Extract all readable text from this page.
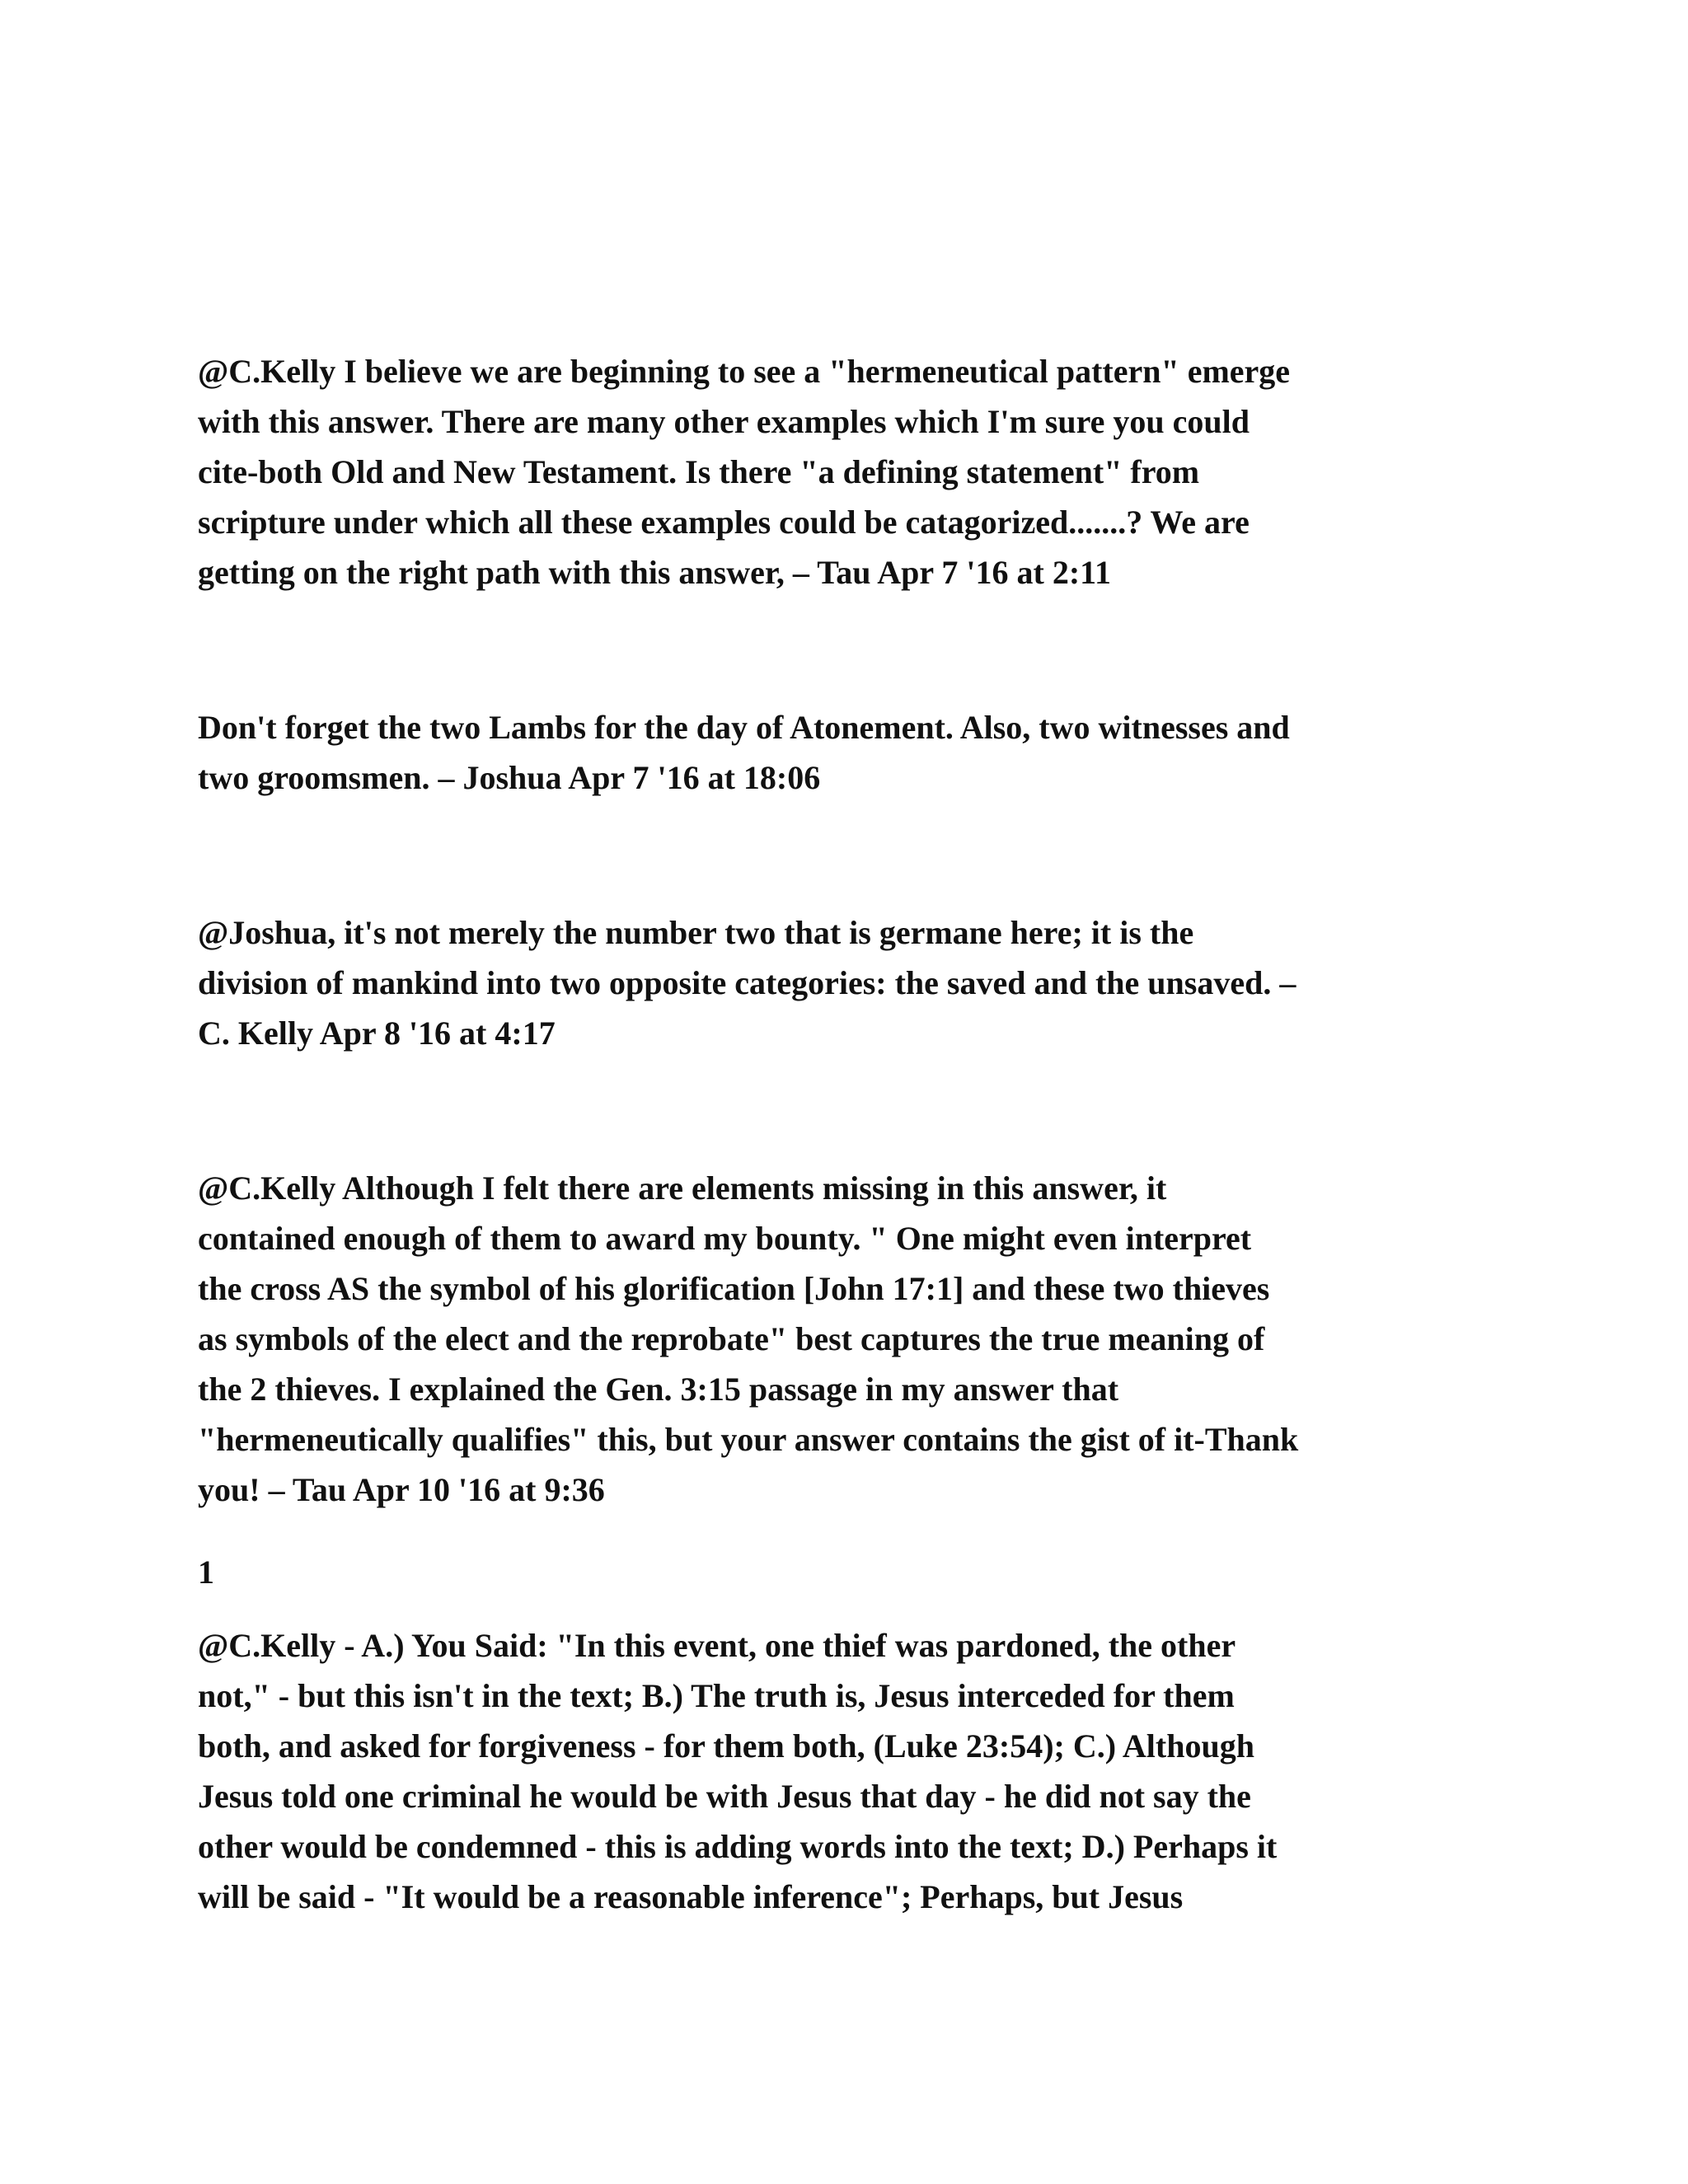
@C.Kelly I believe we are beginning to see a "hermeneutical pattern" emerge
with this answer. There are many other examples which I'm sure you could
cite-both Old and New Testament. Is there "a defining statement" from
scripture under which all these examples could be catagorized.......? We are
getting on the right path with this answer, – Tau Apr 7 '16 at 2:11

Don't forget the two Lambs for the day of Atonement. Also, two witnesses and
two groomsmen. – Joshua Apr 7 '16 at 18:06

@Joshua, it's not merely the number two that is germane here; it is the
division of mankind into two opposite categories: the saved and the unsaved. –
C. Kelly Apr 8 '16 at 4:17

@C.Kelly Although I felt there are elements missing in this answer, it
contained enough of them to award my bounty. " One might even interpret
the cross AS the symbol of his glorification [John 17:1] and these two thieves
as symbols of the elect and the reprobate" best captures the true meaning of
the 2 thieves. I explained the Gen. 3:15 passage in my answer that
"hermeneutically qualifies" this, but your answer contains the gist of it-Thank
you! – Tau Apr 10 '16 at 9:36

1

@C.Kelly - A.) You Said: "In this event, one thief was pardoned, the other
not," - but this isn't in the text; B.) The truth is, Jesus interceded for them
both, and asked for forgiveness - for them both, (Luke 23:54); C.) Although
Jesus told one criminal he would be with Jesus that day - he did not say the
other would be condemned - this is adding words into the text; D.) Perhaps it
will be said - "It would be a reasonable inference"; Perhaps, but Jesus
